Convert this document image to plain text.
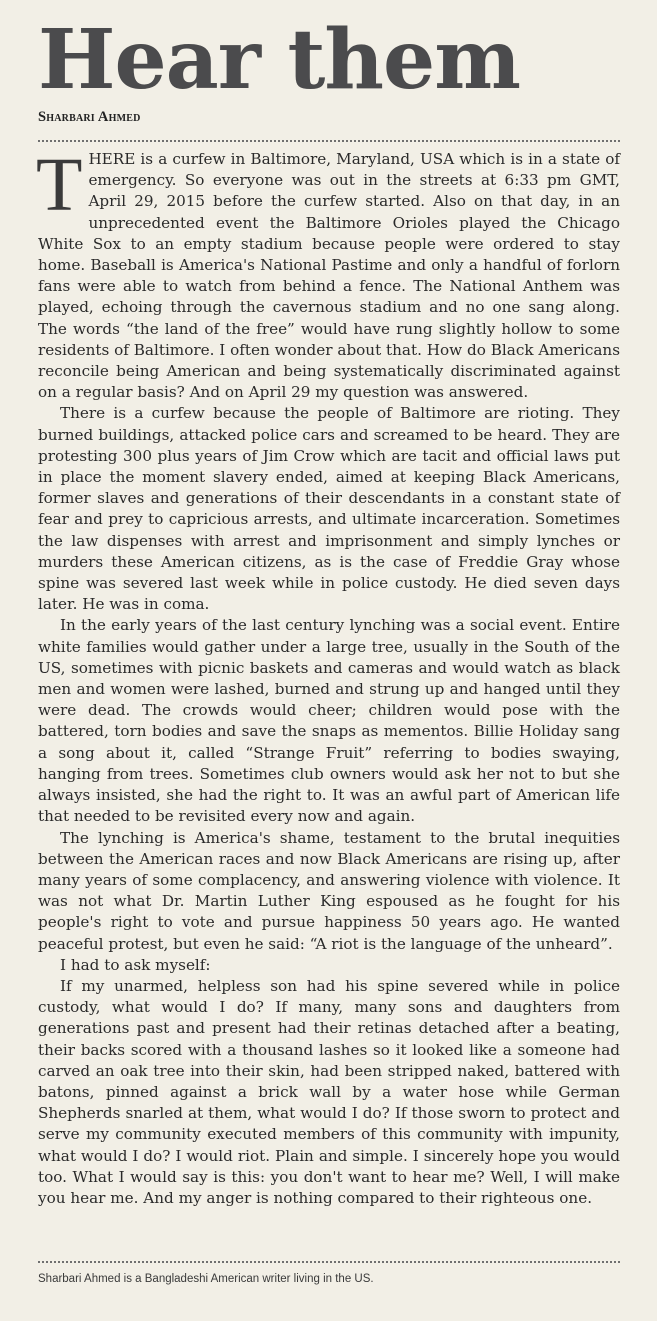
Hear them
Sharbari Ahmed

THERE is a curfew in Baltimore, Maryland, USA which is in a state of emergency. So everyone was out in the streets at 6:33 pm GMT, April 29, 2015 before the curfew started. Also on that day, in an unprecedented event the Baltimore Orioles played the Chicago White Sox to an empty stadium because people were ordered to stay home. Baseball is America's National Pastime and only a handful of forlorn fans were able to watch from behind a fence. The National Anthem was played, echoing through the cavernous stadium and no one sang along. The words “the land of the free” would have rung slightly hollow to some residents of Baltimore. I often wonder about that. How do Black Americans reconcile being American and being systematically discriminated against on a regular basis? And on April 29 my question was answered.

There is a curfew because the people of Baltimore are rioting. They burned buildings, attacked police cars and screamed to be heard. They are protesting 300 plus years of Jim Crow which are tacit and official laws put in place the moment slavery ended, aimed at keeping Black Americans, former slaves and generations of their descendants in a constant state of fear and prey to capricious arrests, and ultimate incarceration. Sometimes the law dispenses with arrest and imprisonment and simply lynches or murders these American citizens, as is the case of Freddie Gray whose spine was severed last week while in police custody. He died seven days later. He was in coma.

In the early years of the last century lynching was a social event. Entire white families would gather under a large tree, usually in the South of the US, sometimes with picnic baskets and cameras and would watch as black men and women were lashed, burned and strung up and hanged until they were dead. The crowds would cheer; children would pose with the battered, torn bodies and save the snaps as mementos. Billie Holiday sang a song about it, called “Strange Fruit” referring to bodies swaying, hanging from trees. Sometimes club owners would ask her not to but she always insisted, she had the right to. It was an awful part of American life that needed to be revisited every now and again.

The lynching is America's shame, testament to the brutal inequities between the American races and now Black Americans are rising up, after many years of some complacency, and answering violence with violence. It was not what Dr. Martin Luther King espoused as he fought for his people's right to vote and pursue happiness 50 years ago. He wanted peaceful protest, but even he said: “A riot is the language of the unheard”.

I had to ask myself:

If my unarmed, helpless son had his spine severed while in police custody, what would I do? If many, many sons and daughters from generations past and present had their retinas detached after a beating, their backs scored with a thousand lashes so it looked like a someone had carved an oak tree into their skin, had been stripped naked, battered with batons, pinned against a brick wall by a water hose while German Shepherds snarled at them, what would I do? If those sworn to protect and serve my community executed members of this community with impunity, what would I do? I would riot. Plain and simple. I sincerely hope you would too. What I would say is this: you don't want to hear me? Well, I will make you hear me. And my anger is nothing compared to their righteous one.

Sharbari Ahmed is a Bangladeshi American writer living in the US.
